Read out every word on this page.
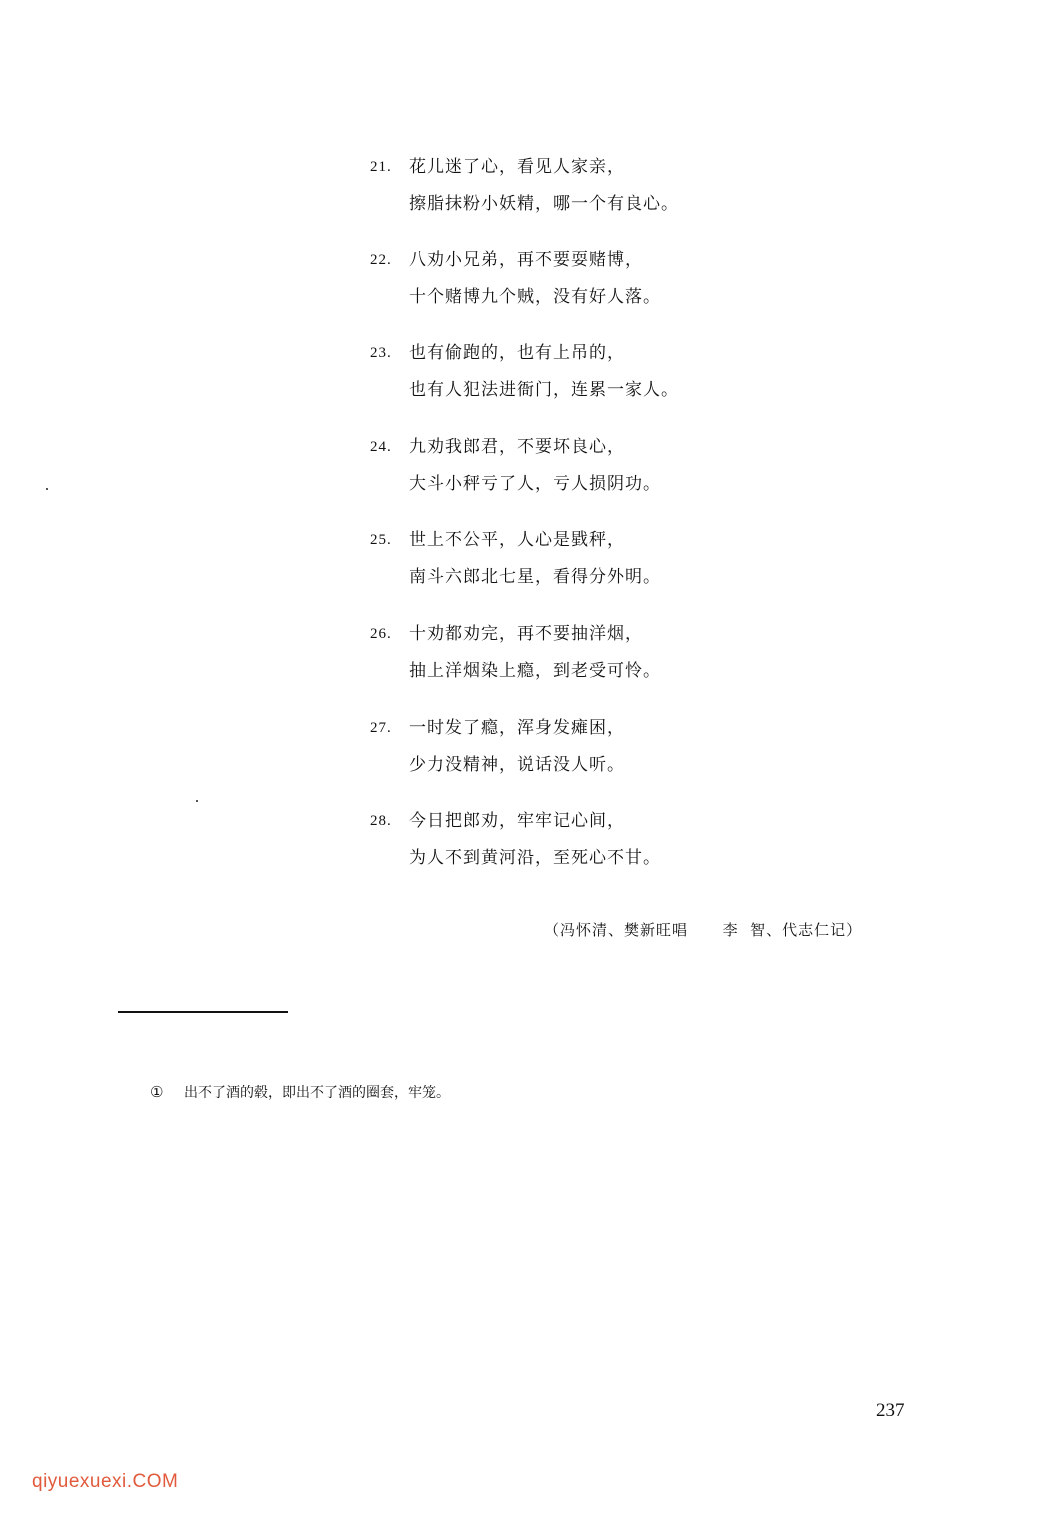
21.	花儿迷了心，看见人家亲，
擦脂抹粉小妖精，哪一个有良心。
22.	八劝小兄弟，再不要耍赌博，
十个赌博九个贼，没有好人落。
23.	也有偷跑的，也有上吊的，
也有人犯法进衙门，连累一家人。
24.	九劝我郎君，不要坏良心，
大斗小秤亏了人，亏人损阴功。
25.	世上不公平，人心是戥秤，
南斗六郎北七星，看得分外明。
26.	十劝都劝完，再不要抽洋烟，
抽上洋烟染上瘾，到老受可怜。
27.	一时发了瘾，浑身发瘫困，
少力没精神，说话没人听。
28.	今日把郎劝，牢牢记心间，
为人不到黄河沿，至死心不甘。
（冯怀清、樊新旺唱      李  智、代志仁记）
① 出不了酒的毂，即出不了酒的圈套，牢笼。
237
qiyuexuexi.COM
